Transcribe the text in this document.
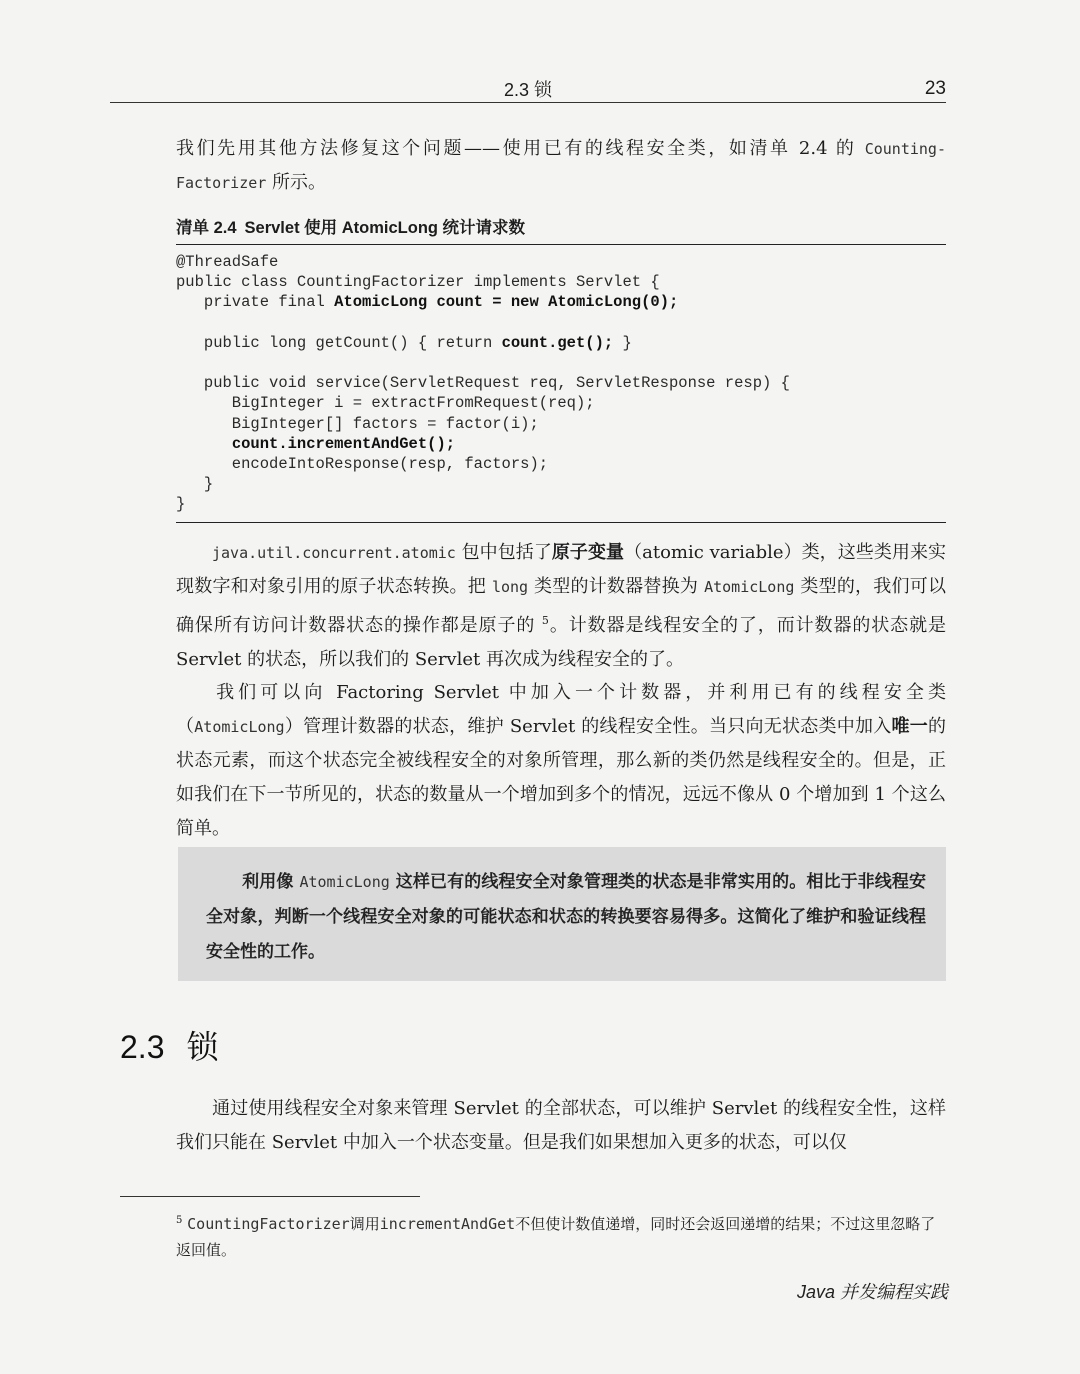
2.3 锁	23
我们先用其他方法修复这个问题——使用已有的线程安全类，如清单 2.4 的 Counting-Factorizer 所示。
清单 2.4 Servlet 使用 AtomicLong 统计请求数
@ThreadSafe
public class CountingFactorizer implements Servlet {
private final AtomicLong count = new AtomicLong(0);

public long getCount() { return count.get(); }

public void service(ServletRequest req, ServletResponse resp) {
BigInteger i = extractFromRequest(req);
BigInteger[] factors = factor(i);
count.incrementAndGet();
encodeIntoResponse(resp, factors);
}
}
java.util.concurrent.atomic 包中包括了原子变量（atomic variable）类，这些类用来实现数字和对象引用的原子状态转换。把 long 类型的计数器替换为 AtomicLong 类型的，我们可以确保所有访问计数器状态的操作都是原子的 $^5$。计数器是线程安全的了，而计数器的状态就是 Servlet 的状态，所以我们的 Servlet 再次成为线程安全的了。
我们可以向 Factoring Servlet 中加入一个计数器，并利用已有的线程安全类（AtomicLong）管理计数器的状态，维护 Servlet 的线程安全性。当只向无状态类中加入唯一的状态元素，而这个状态完全被线程安全的对象所管理，那么新的类仍然是线程安全的。但是，正如我们在下一节所见的，状态的数量从一个增加到多个的情况，远远不像从 0 个增加到 1 个这么简单。

利用像 AtomicLong 这样已有的线程安全对象管理类的状态是非常实用的。相比于非线程安全对象，判断一个线程安全对象的可能状态和状态的转换要容易得多。这简化了维护和验证线程安全性的工作。

2.3 锁
通过使用线程安全对象来管理 Servlet 的全部状态，可以维护 Servlet 的线程安全性，这样我们只能在 Servlet 中加入一个状态变量。但是我们如果想加入更多的状态，可以仅
$^5$ CountingFactorizer调用incrementAndGet不但使计数值递增，同时还会返回递增的结果；不过这里忽略了返回值。
Java 并发编程实践
